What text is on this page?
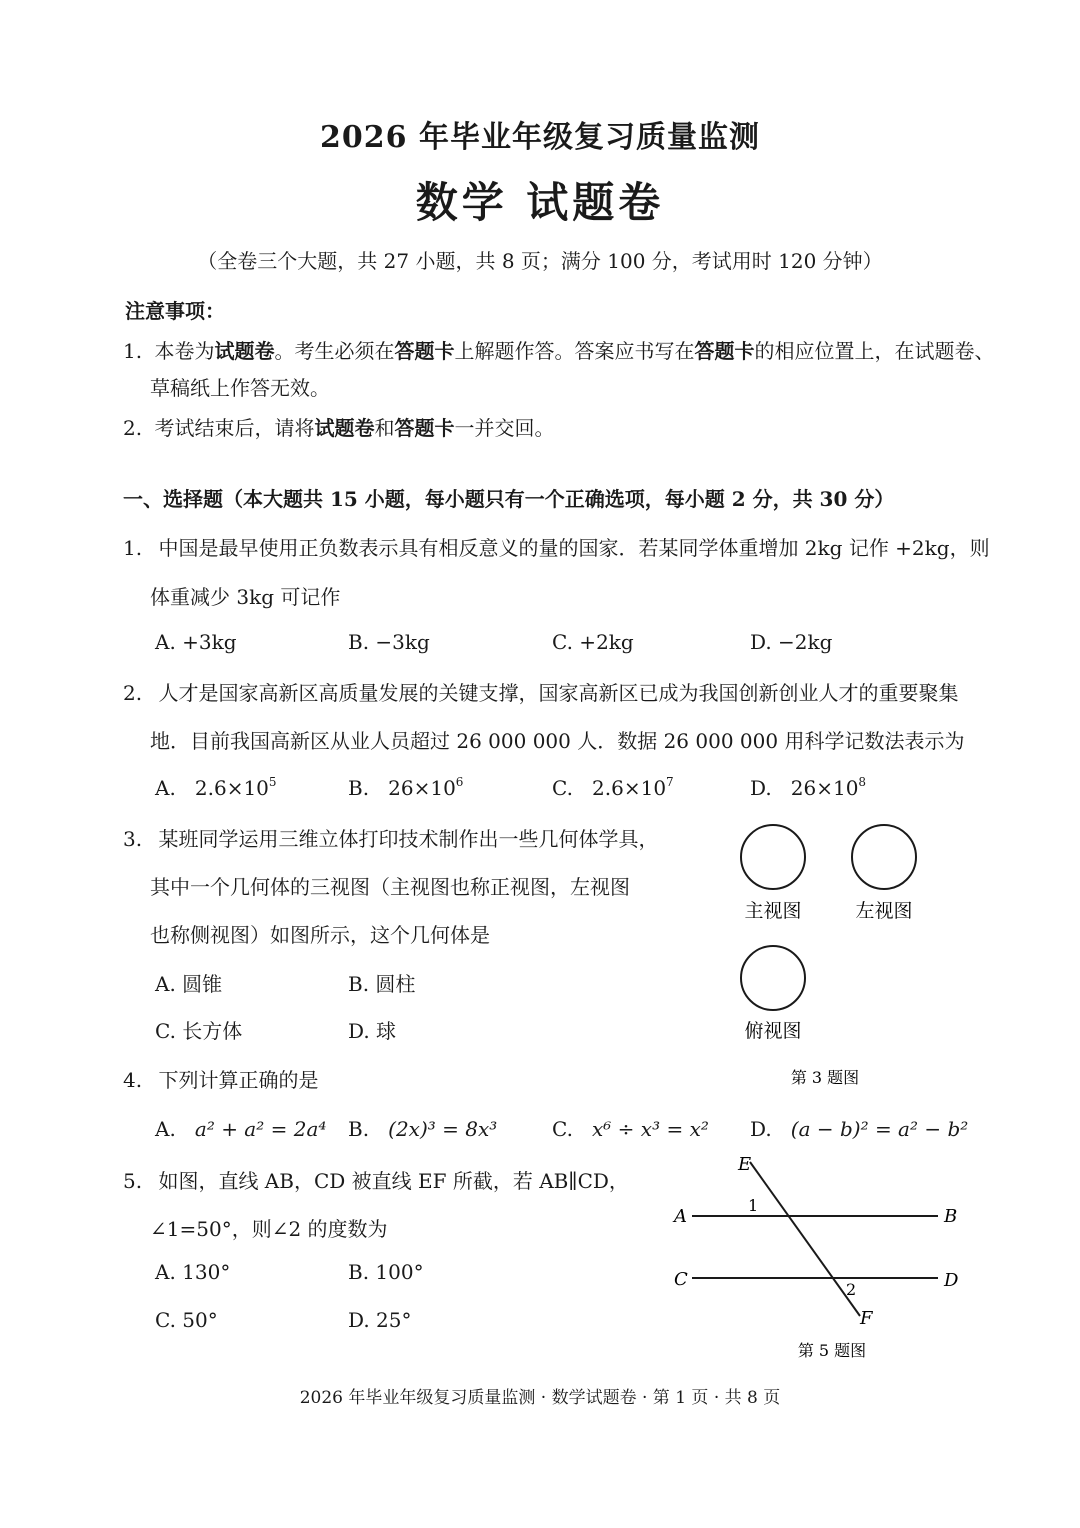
2026 年毕业年级复习质量监测
数学 试题卷
（全卷三个大题，共 27 小题，共 8 页；满分 100 分，考试用时 120 分钟）
注意事项：
1. 本卷为试题卷。考生必须在答题卡上解题作答。答案应书写在答题卡的相应位置上，在试题卷、
草稿纸上作答无效。
2. 考试结束后，请将试题卷和答题卡一并交回。
一、选择题（本大题共 15 小题，每小题只有一个正确选项，每小题 2 分，共 30 分）
1. 中国是最早使用正负数表示具有相反意义的量的国家．若某同学体重增加 2kg 记作 +2kg，则
体重减少 3kg 可记作
A. +3kg	B. −3kg	C. +2kg	D. −2kg
2. 人才是国家高新区高质量发展的关键支撑，国家高新区已成为我国创新创业人才的重要聚集
地．目前我国高新区从业人员超过 26 000 000 人．数据 26 000 000 用科学记数法表示为
A. $2.6\times 10^5$	B. $26\times 10^6$	C. $2.6\times 10^7$	D. $26\times 10^8$
3. 某班同学运用三维立体打印技术制作出一些几何体学具，
其中一个几何体的三视图（主视图也称正视图，左视图
也称侧视图）如图所示，这个几何体是
A. 圆锥	B. 圆柱
C. 长方体	D. 球
主视图	左视图
俯视图
第 3 题图
4. 下列计算正确的是
A. a² + a² = 2a⁴ B. (2x)³ = 8x³	C. x⁶ ÷ x³ = x² D. (a − b)² = a² − b²
5. 如图，直线 AB，CD 被直线 EF 所截，若 AB∥CD，
∠1=50°，则∠2 的度数为
A. 130°	B. 100°
C. 50°	D. 25°
E
A	B
C	D
F
1
2
第 5 题图
2026 年毕业年级复习质量监测 · 数学试题卷 · 第 1 页 · 共 8 页
